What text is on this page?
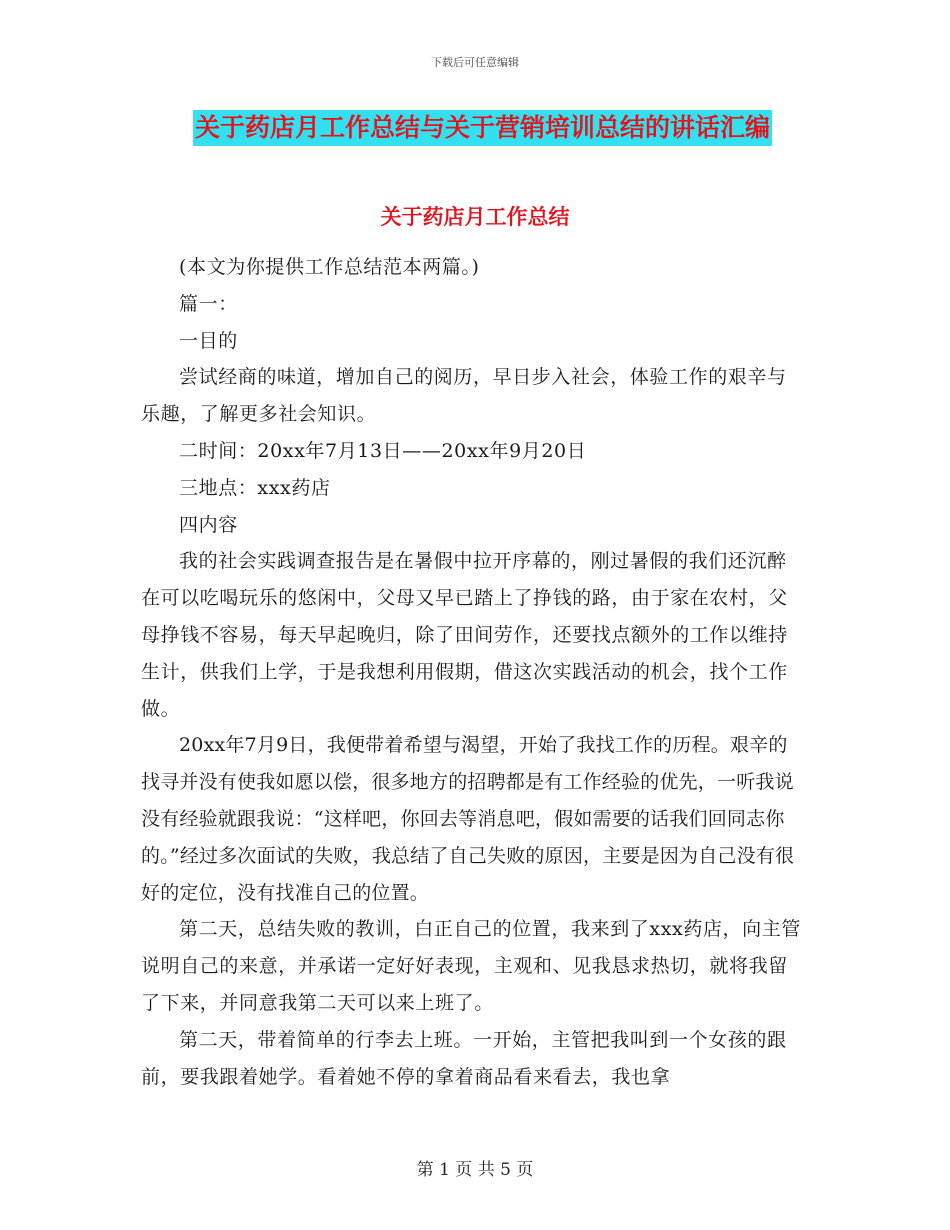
下载后可任意编辑
关于药店月工作总结与关于营销培训总结的讲话汇编
关于药店月工作总结

(本文为你提供工作总结范本两篇。)

篇一：

一目的

尝试经商的味道，增加自己的阅历，早日步入社会，体验工作的艰辛与乐趣，了解更多社会知识。

二时间：20xx年7月13日——20xx年9月20日

三地点：xxx药店

四内容

我的社会实践调查报告是在暑假中拉开序幕的，刚过暑假的我们还沉醉在可以吃喝玩乐的悠闲中，父母又早已踏上了挣钱的路，由于家在农村，父母挣钱不容易，每天早起晚归，除了田间劳作，还要找点额外的工作以维持生计，供我们上学，于是我想利用假期，借这次实践活动的机会，找个工作做。

20xx年7月9日，我便带着希望与渴望，开始了我找工作的历程。艰辛的找寻并没有使我如愿以偿，很多地方的招聘都是有工作经验的优先，一听我说没有经验就跟我说：“这样吧，你回去等消息吧，假如需要的话我们回同志你的。”经过多次面试的失败，我总结了自己失败的原因，主要是因为自己没有很好的定位，没有找准自己的位置。

第二天，总结失败的教训，白正自己的位置，我来到了xxx药店，向主管说明自己的来意，并承诺一定好好表现，主观和、见我恳求热切，就将我留了下来，并同意我第二天可以来上班了。

第二天，带着简单的行李去上班。一开始，主管把我叫到一个女孩的跟前，要我跟着她学。看着她不停的拿着商品看来看去，我也拿

第 1 页 共 5 页
